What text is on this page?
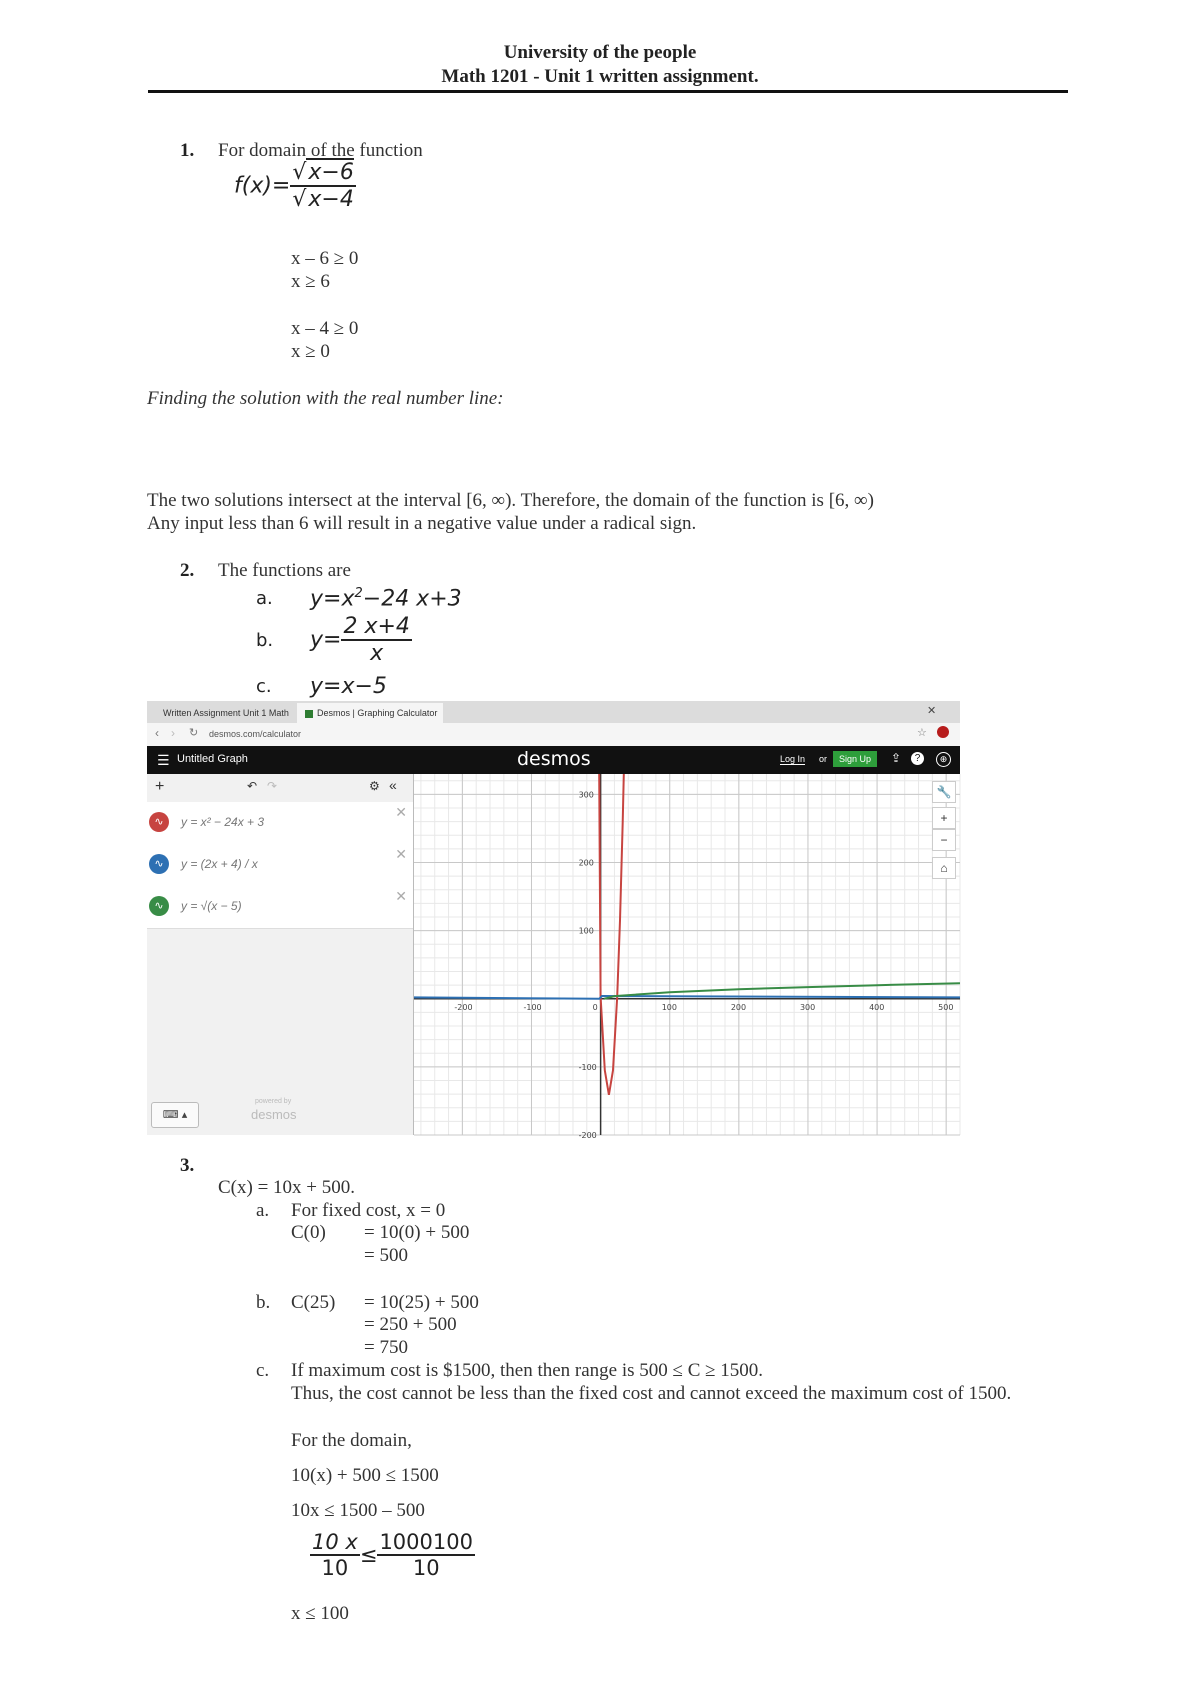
University of the people
Math 1201 - Unit 1 written assignment.
1. For domain of the function
$f(x)= \frac{√x-6}{√x-4}$
x – 6 ≥ 0
x ≥ 6
x – 4 ≥ 0
x ≥ 0
Finding the solution with the real number line:
The two solutions intersect at the interval [6, ∞). Therefore, the domain of the function is [6, ∞)
Any input less than 6 will result in a negative value under a radical sign.
2. The functions are
a. $y=x^2-24$ x+3
b. $y= \frac{2 x+4}{x}$
c. y=x−5
Written Assignment Unit 1 Math	Desmos | Graphing Calculator	✕
‹ › ↻ desmos.com/calculator	☆
☰ Untitled Graph	desmos	Log In or	Sign Up	⇪	?	⊕
+	↶ ↷	⚙ «
∿	y = x² − 24x + 3
✕
∿	y = (2x + 4) / x
✕
∿	y = √(x − 5)
✕
⌨ ▴
powered by
desmos
-200	-100	0	100	200	300	400	500
300
200
100
-100
-200
🔧
+
−
⌂
3.
C(x) = 10x + 500.
a. For fixed cost, x = 0
C(0) = 10(0) + 500
= 500
b. C(25) = 10(25) + 500
= 250 + 500
= 750
c. If maximum cost is $1500, then then range is 500 ≤ C ≥ 1500.
Thus, the cost cannot be less than the fixed cost and cannot exceed the maximum cost of 1500.
For the domain,
10(x) + 500 ≤ 1500
10x ≤ 1500 – 500
$\frac{10 x}{10} \le \frac{1000100}{10}$
x ≤ 100
